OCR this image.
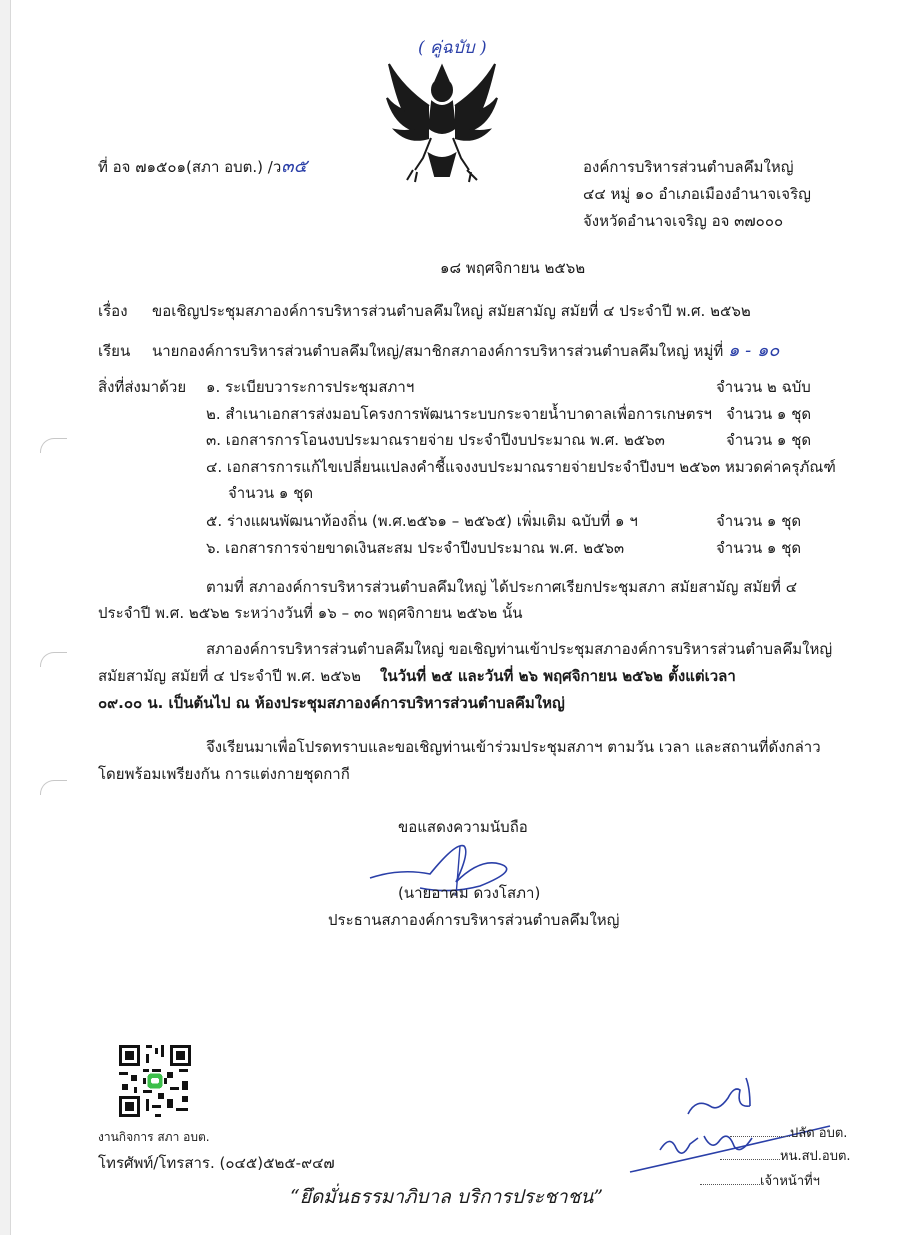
( คู่ฉบับ )
ที่ อจ ๗๑๕๐๑(สภา อบต.) /ว๓๕	องค์การบริหารส่วนตำบลคึมใหญ่
๔๔ หมู่ ๑๐ อำเภอเมืองอำนาจเจริญ
จังหวัดอำนาจเจริญ อจ ๓๗๐๐๐
๑๘ พฤศจิกายน ๒๕๖๒
เรื่อง ขอเชิญประชุมสภาองค์การบริหารส่วนตำบลคึมใหญ่ สมัยสามัญ สมัยที่ ๔ ประจำปี พ.ศ. ๒๕๖๒
เรียน นายกองค์การบริหารส่วนตำบลคึมใหญ่/สมาชิกสภาองค์การบริหารส่วนตำบลคึมใหญ่ หมู่ที่ ๑ - ๑๐
สิ่งที่ส่งมาด้วย ๑. ระเบียบวาระการประชุมสภาฯ	จำนวน ๒ ฉบับ
๒. สำเนาเอกสารส่งมอบโครงการพัฒนาระบบกระจายน้ำบาดาลเพื่อการเกษตรฯ จำนวน ๑ ชุด
๓. เอกสารการโอนงบประมาณรายจ่าย ประจำปีงบประมาณ พ.ศ. ๒๕๖๓	จำนวน ๑ ชุด
๔. เอกสารการแก้ไขเปลี่ยนแปลงคำชี้แจงงบประมาณรายจ่ายประจำปีงบฯ ๒๕๖๓ หมวดค่าครุภัณฑ์
จำนวน ๑ ชุด
๕. ร่างแผนพัฒนาท้องถิ่น (พ.ศ.๒๕๖๑ – ๒๕๖๕) เพิ่มเติม ฉบับที่ ๑ ฯ	จำนวน ๑ ชุด
๖. เอกสารการจ่ายขาดเงินสะสม ประจำปีงบประมาณ พ.ศ. ๒๕๖๓	จำนวน ๑ ชุด
ตามที่ สภาองค์การบริหารส่วนตำบลคึมใหญ่ ได้ประกาศเรียกประชุมสภา สมัยสามัญ สมัยที่ ๔
ประจำปี พ.ศ. ๒๕๖๒ ระหว่างวันที่ ๑๖ – ๓๐ พฤศจิกายน ๒๕๖๒ นั้น
สภาองค์การบริหารส่วนตำบลคึมใหญ่ ขอเชิญท่านเข้าประชุมสภาองค์การบริหารส่วนตำบลคึมใหญ่
สมัยสามัญ สมัยที่ ๔ ประจำปี พ.ศ. ๒๕๖๒ ในวันที่ ๒๕ และวันที่ ๒๖ พฤศจิกายน ๒๕๖๒ ตั้งแต่เวลา
๐๙.๐๐ น. เป็นต้นไป ณ ห้องประชุมสภาองค์การบริหารส่วนตำบลคึมใหญ่
จึงเรียนมาเพื่อโปรดทราบและขอเชิญท่านเข้าร่วมประชุมสภาฯ ตามวัน เวลา และสถานที่ดังกล่าว
โดยพร้อมเพรียงกัน การแต่งกายชุดกากี
ขอแสดงความนับถือ
(นายอาคม ดวงโสภา)
ประธานสภาองค์การบริหารส่วนตำบลคึมใหญ่
งานกิจการ สภา อบต.
โทรศัพท์/โทรสาร. (๐๔๕)๕๒๕-๙๔๗
“ยึดมั่นธรรมาภิบาล บริการประชาชน”
ปลัด อบต.
หน.สป.อบต.
เจ้าหน้าที่ฯ
